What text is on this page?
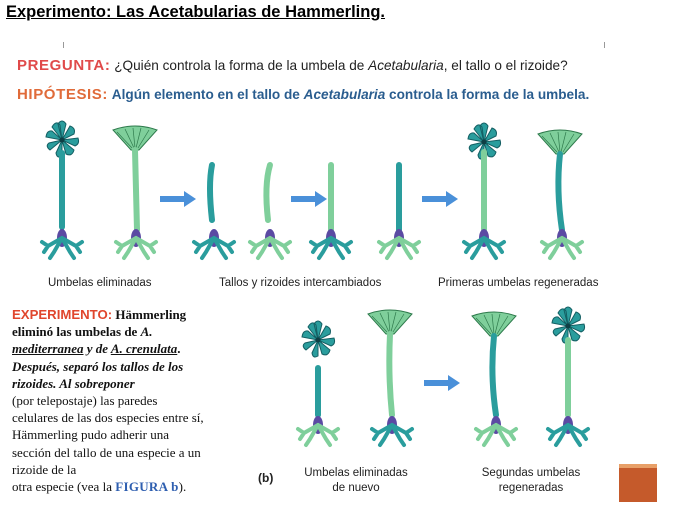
Experimento: Las Acetabularias de Hammerling.
PREGUNTA: ¿Quién controla la forma de la umbela de Acetabularia, el tallo o el rizoide?
HIPÓTESIS: Algún elemento en el tallo de Acetabularia controla la forma de la umbela.
Umbelas eliminadas	Tallos y rizoides intercambiados	Primeras umbelas regeneradas
EXPERIMENTO: Hämmerling
eliminó las umbelas de A.
mediterranea y de A. crenulata.
Después, separó los tallos de los
rizoides. Al sobreponer
(por telepostaje) las paredes
celulares de las dos especies entre sí,
Hämmerling pudo adherir una
sección del tallo de una especie a un
rizoide de la
otra especie (vea la FIGURA b).
(b)	Umbelas eliminadas
de nuevo
Segundas umbelas
regeneradas
